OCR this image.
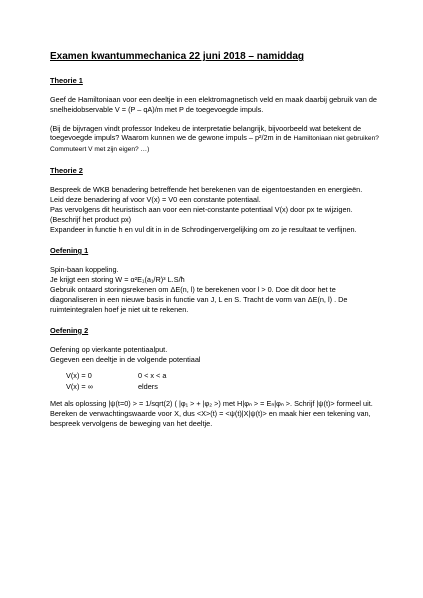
Examen kwantummechanica 22 juni 2018 – namiddag
Theorie 1

Geef de Hamiltoniaan voor een deeltje in een elektromagnetisch veld en maak daarbij gebruik van de snelheidobservable V = (P – qA)/m met P de toegevoegde impuls.

(Bij de bijvragen vindt professor Indekeu de interpretatie belangrijk, bijvoorbeeld wat betekent de toegevoegde impuls? Waarom kunnen we de gewone impuls – p²/2m in de Hamiltoniaan niet gebruiken? Commuteert V met zijn eigen? …)

Theorie 2
Bespreek de WKB benadering betreffende het berekenen van de eigentoestanden en energieën.
Leid deze benadering af voor V(x) = V0 een constante potentiaal.
Pas vervolgens dit heuristisch aan voor een niet-constante potentiaal V(x) door px te wijzigen. (Beschrijf het product px)
Expandeer in functie h en vul dit in in de Schrodingervergelijking om zo je resultaat te verfijnen.
Oefening 1
Spin-baan koppeling.
Je krijgt een storing W = α²E₁(a₁/R)³ L.S/ħ
Gebruik ontaard storingsrekenen om ΔE(n, l) te berekenen voor l > 0. Doe dit door het te diagonaliseren in een nieuwe basis in functie van J, L en S. Tracht de vorm van ΔE(n, l) . De ruimteintegralen hoef je niet uit te rekenen.
Oefening 2
Oefening op vierkante potentiaalput.
Gegeven een deeltje in de volgende potentiaal
V(x) = 0	0 < x < a
V(x) = ∞	elders

Met als oplossing |ψ(t=0) > = 1/sqrt(2) ( |φ₁ > + |φ₂ >) met H|φₙ > = Eₙ|φₙ >. Schrijf |ψ(t)> formeel uit. Bereken de verwachtingswaarde voor X, dus <X>(t) = <ψ(t)|X|ψ(t)> en maak hier een tekening van, bespreek vervolgens de beweging van het deeltje.
